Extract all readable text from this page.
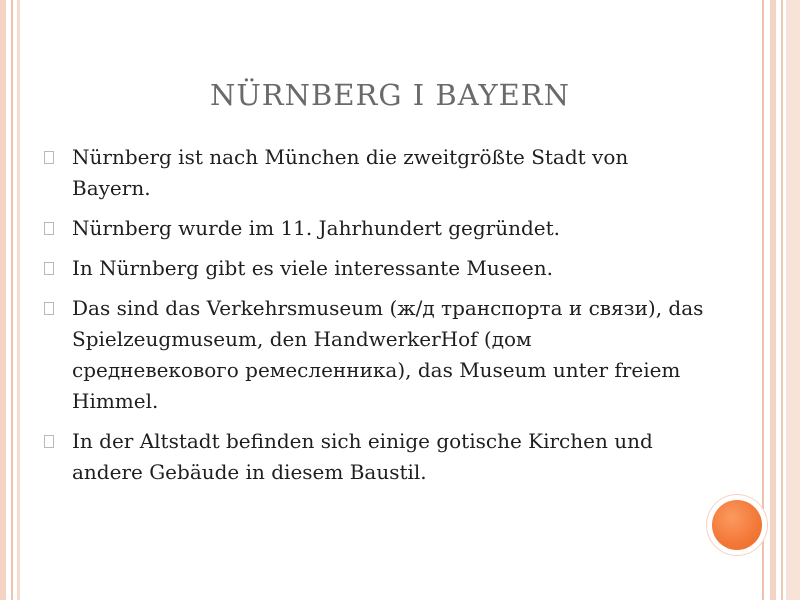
NÜRNBERG I BAYERN
Nürnberg ist nach München die zweitgrößte Stadt von Bayern.
Nürnberg wurde im 11. Jahrhundert gegründet.
In Nürnberg gibt es viele interessante Museen.
Das sind das Verkehrsmuseum (ж/д транспорта и связи), das Spielzeugmuseum, den HandwerkerHof (дом средневекового ремесленника), das Museum unter freiem Himmel.
In der Altstadt befinden sich einige gotische Kirchen und andere Gebäude in diesem Baustil.
